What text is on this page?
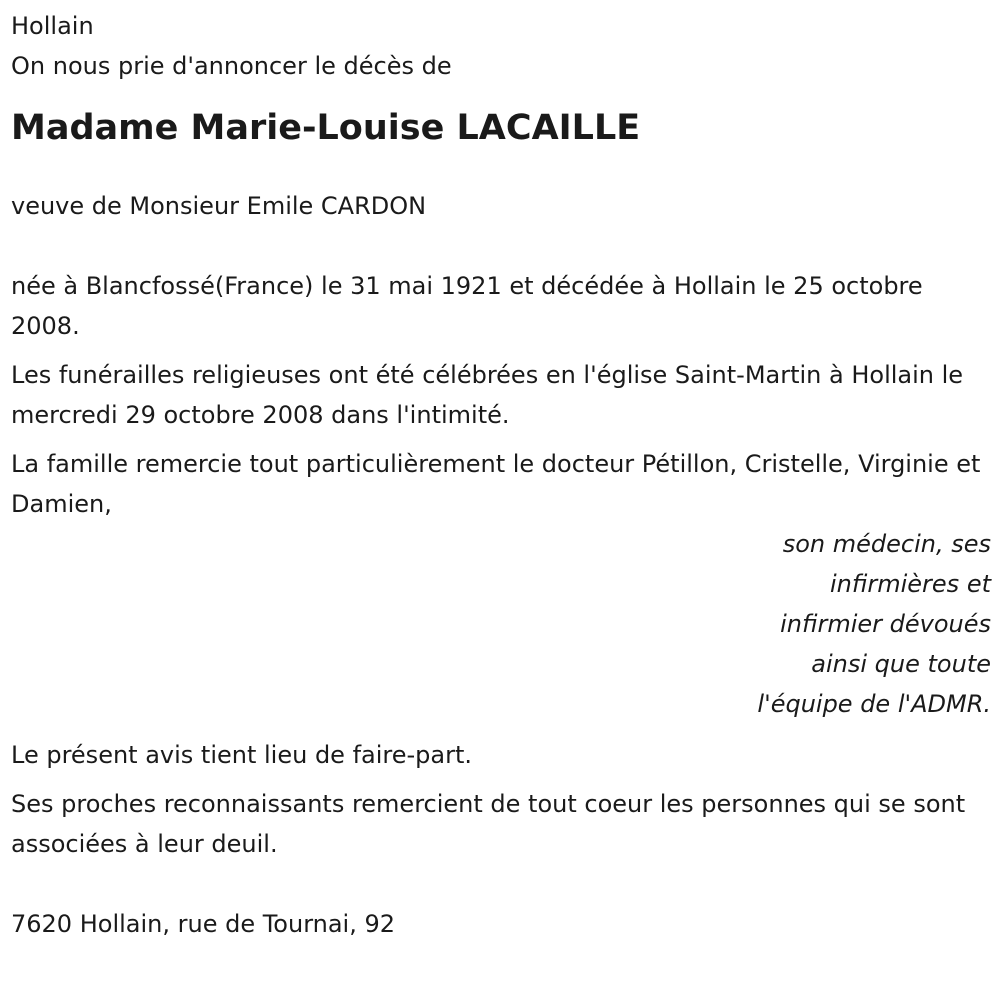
Hollain
On nous prie d'annoncer le décès de
Madame Marie-Louise LACAILLE
veuve de Monsieur Emile CARDON
née à Blancfossé(France) le 31 mai 1921 et décédée à Hollain le 25 octobre 2008.
Les funérailles religieuses ont été célébrées en l'église Saint-Martin à Hollain le mercredi 29 octobre 2008 dans l'intimité.
La famille remercie tout particulièrement le docteur Pétillon, Cristelle, Virginie et Damien,
son médecin, ses
infirmières et
infirmier dévoués
ainsi que toute
l'équipe de l'ADMR.
Le présent avis tient lieu de faire-part.
Ses proches reconnaissants remercient de tout coeur les personnes qui se sont associées à leur deuil.
7620 Hollain, rue de Tournai, 92
